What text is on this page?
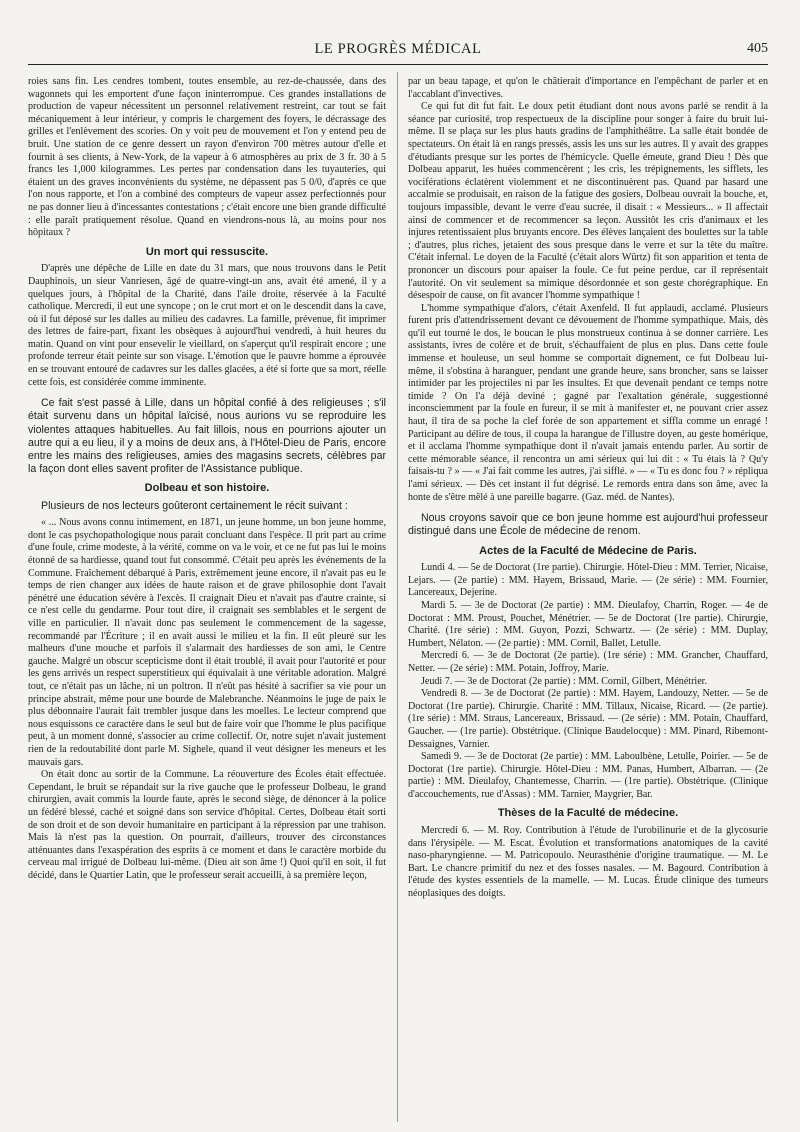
LE PROGRÈS MÉDICAL	405

roies sans fin. Les cendres tombent, toutes ensemble, au rez-de-chaussée, dans des wagonnets qui les emportent d'une façon ininterrompue. Ces grandes installations de production de vapeur nécessitent un personnel relativement restreint, car tout se fait mécaniquement à leur intérieur, y compris le chargement des foyers, le décrassage des grilles et l'enlèvement des scories. On y voit peu de mouvement et l'on y entend peu de bruit. Une station de ce genre dessert un rayon d'environ 700 mètres autour d'elle et fournit à ses clients, à New-York, de la vapeur à 6 atmosphères au prix de 3 fr. 30 à 5 francs les 1,000 kilogrammes. Les pertes par condensation dans les tuyauteries, qui étaient un des graves inconvénients du système, ne dépassent pas 5 0/0, d'après ce que l'on nous rapporte, et l'on a combiné des compteurs de vapeur assez perfectionnés pour ne pas donner lieu à d'incessantes contestations ; c'était encore une bien grande difficulté : elle paraît pratiquement résolue. Quand en viendrons-nous là, au moins pour nos hôpitaux ?

Un mort qui ressuscite.

D'après une dépêche de Lille en date du 31 mars, que nous trouvons dans le Petit Dauphinois, un sieur Vanriesen, âgé de quatre-vingt-un ans, avait été amené, il y a quelques jours, à l'hôpital de la Charité, dans l'aile droite, réservée à la Faculté catholique. Mercredi, il eut une syncope ; on le crut mort et on le descendit dans la cave, où il fut déposé sur les dalles au milieu des cadavres. La famille, prévenue, fit imprimer des lettres de faire-part, fixant les obsèques à aujourd'hui vendredi, à huit heures du matin. Quand on vint pour ensevelir le vieillard, on s'aperçut qu'il respirait encore ; une profonde terreur était peinte sur son visage. L'émotion que le pauvre homme a éprouvée en se trouvant entouré de cadavres sur les dalles glacées, a été si forte que sa mort, réelle cette fois, est considérée comme imminente.

Ce fait s'est passé à Lille, dans un hôpital confié à des religieuses ; s'il était survenu dans un hôpital laïcisé, nous aurions vu se reproduire les violentes attaques habituelles. Au fait lillois, nous en pourrions ajouter un autre qui a eu lieu, il y a moins de deux ans, à l'Hôtel-Dieu de Paris, encore entre les mains des religieuses, amies des magasins secrets, célèbres par la façon dont elles savent profiter de l'Assistance publique.

Dolbeau et son histoire.

Plusieurs de nos lecteurs goûteront certainement le récit suivant :

« ... Nous avons connu intimement, en 1871, un jeune homme, un bon jeune homme, dont le cas psychopathologique nous parait concluant dans l'espèce. Il prit part au crime d'une foule, crime modeste, à la vérité, comme on va le voir, et ce ne fut pas lui le moins étonné de sa hardiesse, quand tout fut consommé. C'était peu après les événements de la Commune. Fraîchement débarqué à Paris, extrêmement jeune encore, il n'avait pas eu le temps de rien changer aux idées de haute raison et de grave philosophie dont l'avait pénétré une éducation sévère à l'excès. Il craignait Dieu et n'avait pas d'autre crainte, si ce n'est celle du gendarme. Pour tout dire, il craignait ses semblables et le sergent de ville en particulier. Il n'avait donc pas seulement le commencement de la sagesse, recommandé par l'Écriture ; il en avait aussi le milieu et la fin. Il eût pleuré sur les malheurs d'une mouche et parfois il s'alarmait des hardiesses de son ami, le Centre gauche. Malgré un obscur scepticisme dont il était troublé, il avait pour l'autorité et pour les gens arrivés un respect superstitieux qui équivalait à une véritable adoration. Malgré tout, ce n'était pas un lâche, ni un poltron. Il n'eût pas hésité à sacrifier sa vie pour un principe abstrait, même pour une bourde de Malebranche. Néanmoins le juge de paix le plus débonnaire l'aurait fait trembler jusque dans les moelles. Le lecteur comprend que nous esquissons ce caractère dans le seul but de faire voir que l'homme le plus pacifique peut, à un moment donné, s'associer au crime collectif. Or, notre sujet n'avait justement rien de la redoutabilité dont parle M. Sighele, quand il veut désigner les meneurs et les mauvais gars.

On était donc au sortir de la Commune. La réouverture des Écoles était effectuée. Cependant, le bruit se répandait sur la rive gauche que le professeur Dolbeau, le grand chirurgien, avait commis la lourde faute, après le second siège, de dénoncer à la police un fédéré blessé, caché et soigné dans son service d'hôpital. Certes, Dolbeau était sorti de son droit et de son devoir humanitaire en participant à la répression par une trahison. Mais là n'est pas la question. On pourrait, d'ailleurs, trouver des circonstances atténuantes dans l'exaspération des esprits à ce moment et dans le caractère morbide du cerveau mal irrigué de Dolbeau lui-même. (Dieu ait son âme !) Quoi qu'il en soit, il fut décidé, dans le Quartier Latin, que le professeur serait accueilli, à sa première leçon,

par un beau tapage, et qu'on le châtierait d'importance en l'empêchant de parler et en l'accablant d'invectives.

Ce qui fut dit fut fait. Le doux petit étudiant dont nous avons parlé se rendit à la séance par curiosité, trop respectueux de la discipline pour songer à faire du bruit lui-même. Il se plaça sur les plus hauts gradins de l'amphithéâtre. La salle était bondée de spectateurs. On était là en rangs pressés, assis les uns sur les autres. Il y avait des grappes d'étudiants presque sur les portes de l'hémicycle. Quelle émeute, grand Dieu ! Dès que Dolbeau apparut, les huées commencèrent ; les cris, les trépignements, les sifflets, les vociférations éclatèrent violemment et ne discontinuèrent pas. Quand par hasard une accalmie se produisait, en raison de la fatigue des gosiers, Dolbeau ouvrait la bouche, et, toujours impassible, devant le verre d'eau sucrée, il disait : « Messieurs... » Il affectait ainsi de commencer et de recommencer sa leçon. Aussitôt les cris d'animaux et les injures retentissaient plus bruyants encore. Des élèves lançaient des boulettes sur la table ; d'autres, plus riches, jetaient des sous presque dans le verre et sur la tête du maître. C'était infernal. Le doyen de la Faculté (c'était alors Würtz) fit son apparition et tenta de prononcer un discours pour apaiser la foule. Ce fut peine perdue, car il représentait l'autorité. On vit seulement sa mimique désordonnée et son geste chorégraphique. En désespoir de cause, on fit avancer l'homme sympathique !

L'homme sympathique d'alors, c'était Axenfeld. Il fut applaudi, acclamé. Plusieurs furent pris d'attendrissement devant ce dévouement de l'homme sympathique. Mais, dès qu'il eut tourné le dos, le boucan le plus monstrueux continua à se donner carrière. Les assistants, ivres de colère et de bruit, s'échauffaient de plus en plus. Dans cette foule immense et houleuse, un seul homme se comportait dignement, ce fut Dolbeau lui-même, il s'obstina à haranguer, pendant une grande heure, sans broncher, sans se laisser intimider par les projectiles ni par les insultes. Et que devenait pendant ce temps notre timide ? On l'a déjà deviné ; gagné par l'exaltation générale, suggestionné inconsciemment par la foule en fureur, il se mit à manifester et, ne pouvant crier assez haut, il tira de sa poche la clef forée de son appartement et siffla comme un enragé ! Participant au délire de tous, il coupa la harangue de l'illustre doyen, au geste homérique, et il acclama l'homme sympathique dont il n'avait jamais entendu parler. Au sortir de cette mémorable séance, il rencontra un ami sérieux qui lui dit : « Tu étais là ? Qu'y faisais-tu ? » — « J'ai fait comme les autres, j'ai sifflé. » — « Tu es donc fou ? » répliqua l'ami sérieux. — Dès cet instant il fut dégrisé. Le remords entra dans son âme, avec la honte de s'être mêlé à une pareille bagarre. (Gaz. méd. de Nantes).

Nous croyons savoir que ce bon jeune homme est aujourd'hui professeur distingué dans une École de médecine de renom.

Actes de la Faculté de Médecine de Paris.

Lundi 4. — 5e de Doctorat (1re partie). Chirurgie. Hôtel-Dieu : MM. Terrier, Nicaise, Lejars. — (2e partie) : MM. Hayem, Brissaud, Marie. — (2e série) : MM. Fournier, Lancereaux, Dejerine.

Mardi 5. — 3e de Doctorat (2e partie) : MM. Dieulafoy, Charrin, Roger. — 4e de Doctorat : MM. Proust, Pouchet, Ménétrier. — 5e de Doctorat (1re partie). Chirurgie, Charité. (1re série) : MM. Guyon, Pozzi, Schwartz. — (2e série) : MM. Duplay, Humbert, Nélaton. — (2e partie) : MM. Cornil, Ballet, Letulle.

Mercredi 6. — 3e de Doctorat (2e partie). (1re série) : MM. Grancher, Chauffard, Netter. — (2e série) : MM. Potain, Joffroy, Marie.

Jeudi 7. — 3e de Doctorat (2e partie) : MM. Cornil, Gilbert, Ménétrier.

Vendredi 8. — 3e de Doctorat (2e partie) : MM. Hayem, Landouzy, Netter. — 5e de Doctorat (1re partie). Chirurgie. Charité : MM. Tillaux, Nicaise, Ricard. — (2e partie). (1re série) : MM. Straus, Lancereaux, Brissaud. — (2e série) : MM. Potain, Chauffard, Gaucher. — (1re partie). Obstétrique. (Clinique Baudelocque) : MM. Pinard, Ribemont-Dessaignes, Varnier.

Samedi 9. — 3e de Doctorat (2e partie) : MM. Laboulbène, Letulle, Poirier. — 5e de Doctorat (1re partie). Chirurgie. Hôtel-Dieu : MM. Panas, Humbert, Albarran. — (2e partie) : MM. Dieulafoy, Chantemesse, Charrin. — (1re partie). Obstétrique. (Clinique d'accouchements, rue d'Assas) : MM. Tarnier, Maygrier, Bar.

Thèses de la Faculté de médecine.

Mercredi 6. — M. Roy. Contribution à l'étude de l'urobilinurie et de la glycosurie dans l'érysipèle. — M. Escat. Évolution et transformations anatomiques de la cavité naso-pharyngienne. — M. Patricopoulo. Neurasthénie d'origine traumatique. — M. Le Bart. Le chancre primitif du nez et des fosses nasales. — M. Bagourd. Contribution à l'étude des kystes essentiels de la mamelle. — M. Lucas. Étude clinique des tumeurs néoplasiques des doigts.
